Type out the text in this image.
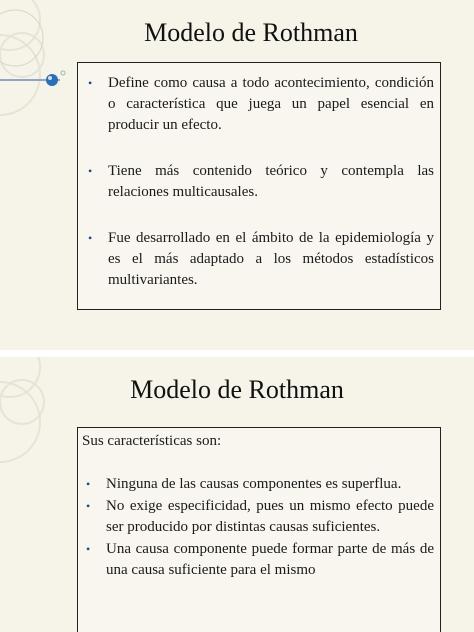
Modelo de Rothman
• Define como causa a todo acontecimiento, condición o característica que juega un papel esencial en producir un efecto.
• Tiene más contenido teórico y contempla las relaciones multicausales.
• Fue desarrollado en el ámbito de la epidemiología y es el más adaptado a los métodos estadísticos multivariantes.
Modelo de Rothman
Sus características son:
• Ninguna de las causas componentes es superflua.
• No exige especificidad, pues un mismo efecto puede ser producido por distintas causas suficientes.
• Una causa componente puede formar parte de más de una causa suficiente para el mismo
